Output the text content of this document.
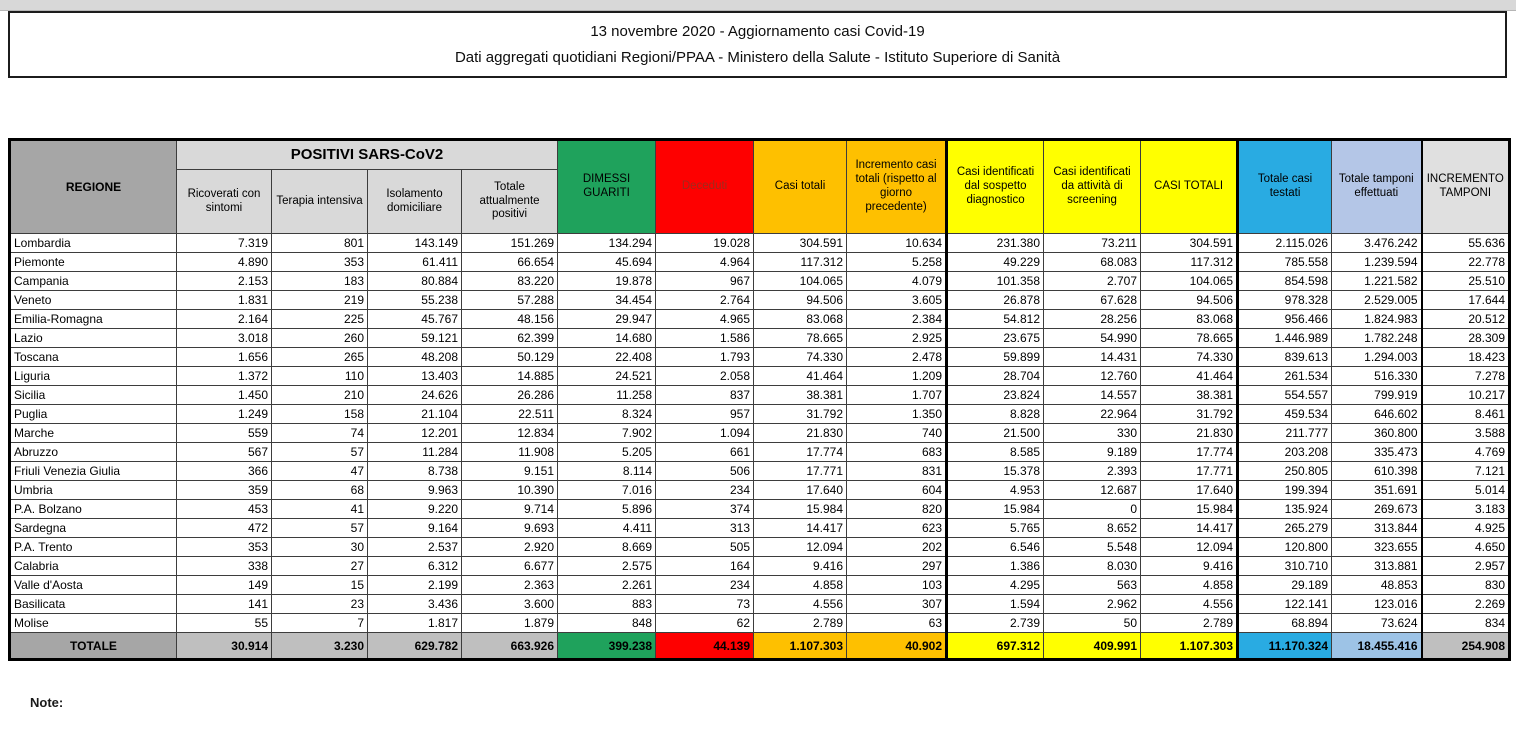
13 novembre 2020 - Aggiornamento casi Covid-19
Dati aggregati quotidiani Regioni/PPAA - Ministero della Salute - Istituto Superiore di Sanità
REGIONE	POSITIVI SARS-CoV2				DIMESSI GUARITI	Deceduti	Casi totali	Incremento casi totali (rispetto al giorno precedente)	Casi identificati dal sospetto diagnostico	Casi identificati da attività di screening	CASI TOTALI	Totale casi testati	Totale tamponi effettuati	INCREMENTO TAMPONI
	Ricoverati con sintomi	Terapia intensiva	Isolamento domiciliare	Totale attualmente positivi										
Lombardia	7.319	801	143.149	151.269	134.294	19.028	304.591	10.634	231.380	73.211	304.591	2.115.026	3.476.242	55.636
Piemonte	4.890	353	61.411	66.654	45.694	4.964	117.312	5.258	49.229	68.083	117.312	785.558	1.239.594	22.778
Campania	2.153	183	80.884	83.220	19.878	967	104.065	4.079	101.358	2.707	104.065	854.598	1.221.582	25.510
Veneto	1.831	219	55.238	57.288	34.454	2.764	94.506	3.605	26.878	67.628	94.506	978.328	2.529.005	17.644
Emilia-Romagna	2.164	225	45.767	48.156	29.947	4.965	83.068	2.384	54.812	28.256	83.068	956.466	1.824.983	20.512
Lazio	3.018	260	59.121	62.399	14.680	1.586	78.665	2.925	23.675	54.990	78.665	1.446.989	1.782.248	28.309
Toscana	1.656	265	48.208	50.129	22.408	1.793	74.330	2.478	59.899	14.431	74.330	839.613	1.294.003	18.423
Liguria	1.372	110	13.403	14.885	24.521	2.058	41.464	1.209	28.704	12.760	41.464	261.534	516.330	7.278
Sicilia	1.450	210	24.626	26.286	11.258	837	38.381	1.707	23.824	14.557	38.381	554.557	799.919	10.217
Puglia	1.249	158	21.104	22.511	8.324	957	31.792	1.350	8.828	22.964	31.792	459.534	646.602	8.461
Marche	559	74	12.201	12.834	7.902	1.094	21.830	740	21.500	330	21.830	211.777	360.800	3.588
Abruzzo	567	57	11.284	11.908	5.205	661	17.774	683	8.585	9.189	17.774	203.208	335.473	4.769
Friuli Venezia Giulia	366	47	8.738	9.151	8.114	506	17.771	831	15.378	2.393	17.771	250.805	610.398	7.121
Umbria	359	68	9.963	10.390	7.016	234	17.640	604	4.953	12.687	17.640	199.394	351.691	5.014
P.A. Bolzano	453	41	9.220	9.714	5.896	374	15.984	820	15.984	0	15.984	135.924	269.673	3.183
Sardegna	472	57	9.164	9.693	4.411	313	14.417	623	5.765	8.652	14.417	265.279	313.844	4.925
P.A. Trento	353	30	2.537	2.920	8.669	505	12.094	202	6.546	5.548	12.094	120.800	323.655	4.650
Calabria	338	27	6.312	6.677	2.575	164	9.416	297	1.386	8.030	9.416	310.710	313.881	2.957
Valle d'Aosta	149	15	2.199	2.363	2.261	234	4.858	103	4.295	563	4.858	29.189	48.853	830
Basilicata	141	23	3.436	3.600	883	73	4.556	307	1.594	2.962	4.556	122.141	123.016	2.269
Molise	55	7	1.817	1.879	848	62	2.789	63	2.739	50	2.789	68.894	73.624	834
TOTALE	30.914	3.230	629.782	663.926	399.238	44.139	1.107.303	40.902	697.312	409.991	1.107.303	11.170.324	18.455.416	254.908
Note:
